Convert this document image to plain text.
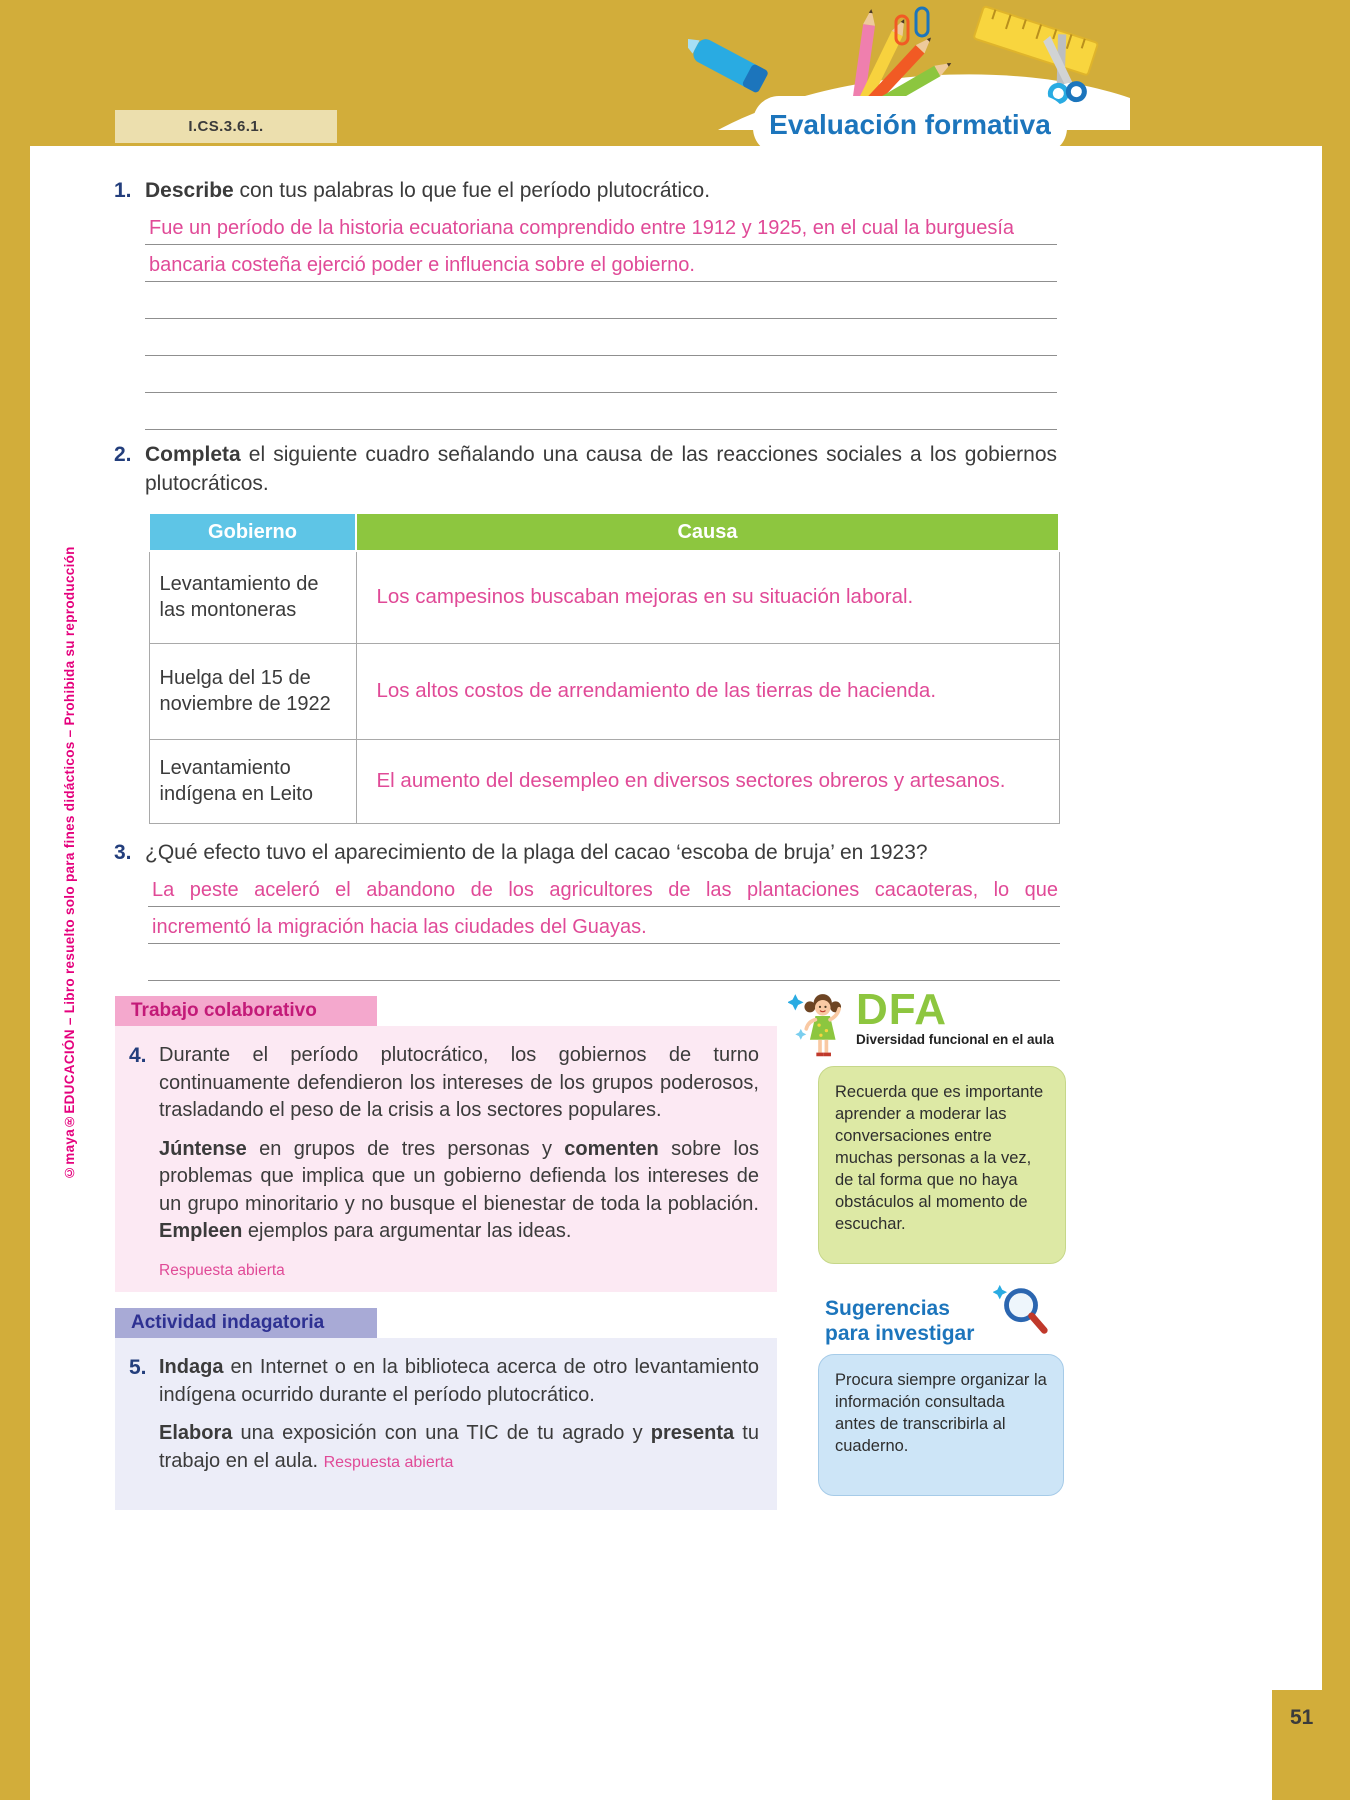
I.CS.3.6.1.	Evaluación formativa
©maya®EDUCACIÓN – Libro resuelto solo para fines didácticos – Prohibida su reproducción
51
1. Describe con tus palabras lo que fue el período plutocrático.

Fue un período de la historia ecuatoriana comprendido entre 1912 y 1925, en el cual la burguesía
bancaria costeña ejerció poder e influencia sobre el gobierno.
2. Completa el siguiente cuadro señalando una causa de las reacciones sociales a los gobiernos plutocráticos.

Gobierno	Causa
Levantamiento de las montoneras	Los campesinos buscaban mejoras en su situación laboral.
Huelga del 15 de noviembre de 1922	Los altos costos de arrendamiento de las tierras de hacienda.
Levantamiento indígena en Leito	El aumento del desempleo en diversos sectores obreros y artesanos.
3. ¿Qué efecto tuvo el aparecimiento de la plaga del cacao ‘escoba de bruja’ en 1923?

La peste aceleró el abandono de los agricultores de las plantaciones cacaoteras, lo que
incrementó la migración hacia las ciudades del Guayas.
Trabajo colaborativo
4. Durante el período plutocrático, los gobiernos de turno continuamente defendieron los intereses de los grupos poderosos, trasladando el peso de la crisis a los sectores populares.

Júntense en grupos de tres personas y comenten sobre los problemas que implica que un gobierno defienda los intereses de un grupo minoritario y no busque el bienestar de toda la población. Empleen ejemplos para argumentar las ideas.

Respuesta abierta

DFA
Diversidad funcional en el aula
Recuerda que es importante aprender a moderar las conversaciones entre muchas personas a la vez, de tal forma que no haya obstáculos al momento de escuchar.
Actividad indagatoria
5. Indaga en Internet o en la biblioteca acerca de otro levantamiento indígena ocurrido durante el período plutocrático.

Elabora una exposición con una TIC de tu agrado y presenta tu trabajo en el aula. Respuesta abierta

Sugerencias
para investigar
Procura siempre organizar la información consultada antes de transcribirla al cuaderno.
